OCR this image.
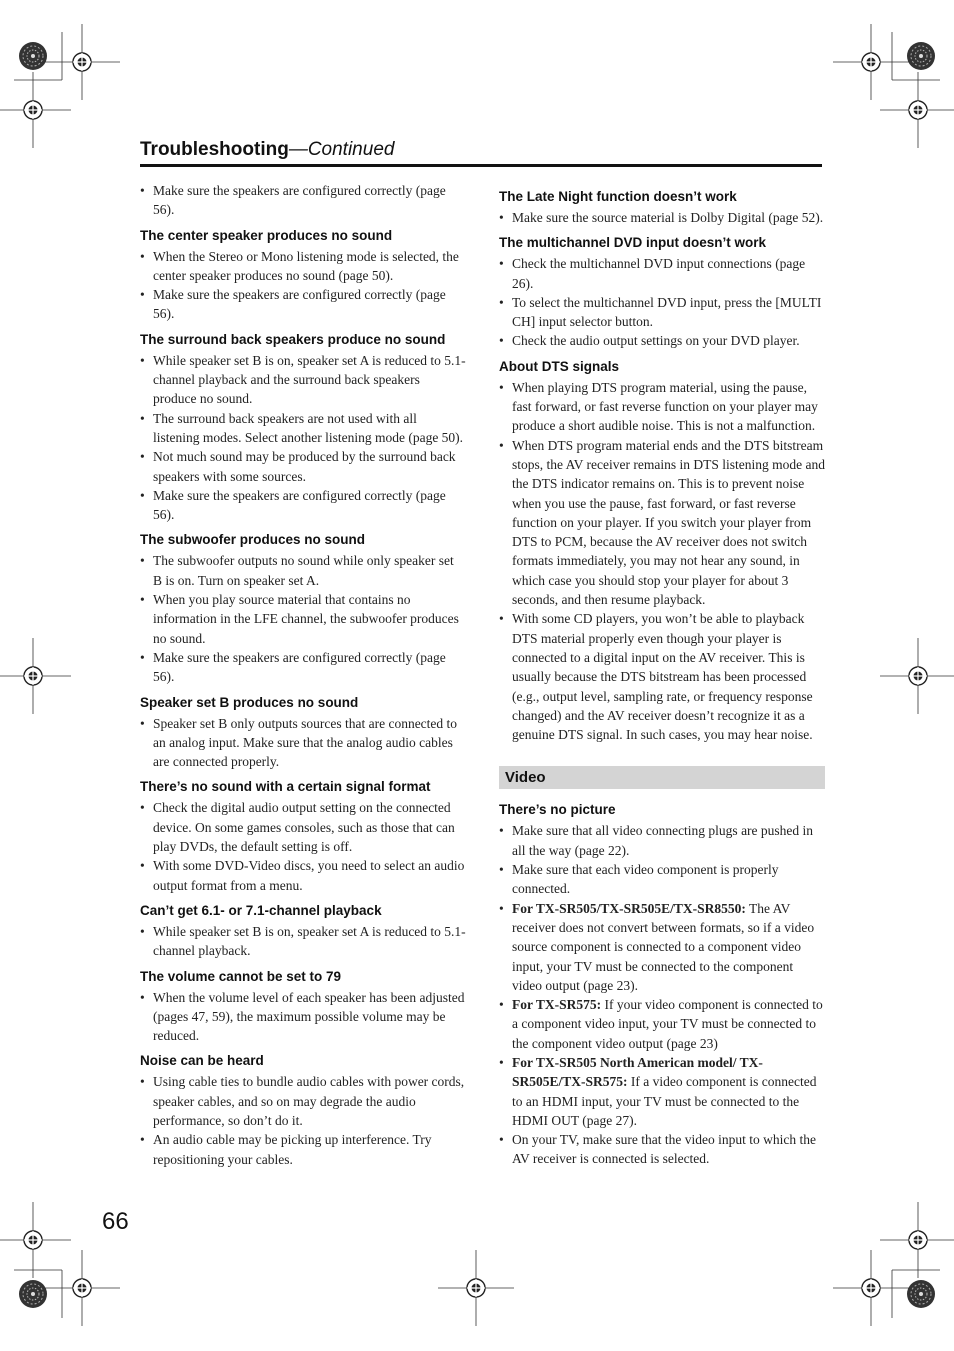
Troubleshooting—Continued
• Make sure the speakers are configured correctly (page 56).
The center speaker produces no sound
• When the Stereo or Mono listening mode is selected, the center speaker produces no sound (page 50).
• Make sure the speakers are configured correctly (page 56).
The surround back speakers produce no sound
• While speaker set B is on, speaker set A is reduced to 5.1-channel playback and the surround back speakers produce no sound.
• The surround back speakers are not used with all listening modes. Select another listening mode (page 50).
• Not much sound may be produced by the surround back speakers with some sources.
• Make sure the speakers are configured correctly (page 56).
The subwoofer produces no sound
• The subwoofer outputs no sound while only speaker set B is on. Turn on speaker set A.
• When you play source material that contains no information in the LFE channel, the subwoofer produces no sound.
• Make sure the speakers are configured correctly (page 56).
Speaker set B produces no sound
• Speaker set B only outputs sources that are connected to an analog input. Make sure that the analog audio cables are connected properly.
There’s no sound with a certain signal format
• Check the digital audio output setting on the connected device. On some games consoles, such as those that can play DVDs, the default setting is off.
• With some DVD-Video discs, you need to select an audio output format from a menu.
Can’t get 6.1- or 7.1-channel playback
• While speaker set B is on, speaker set A is reduced to 5.1-channel playback.
The volume cannot be set to 79
• When the volume level of each speaker has been adjusted (pages 47, 59), the maximum possible volume may be reduced.
Noise can be heard
• Using cable ties to bundle audio cables with power cords, speaker cables, and so on may degrade the audio performance, so don’t do it.
• An audio cable may be picking up interference. Try repositioning your cables.
The Late Night function doesn’t work
• Make sure the source material is Dolby Digital (page 52).
The multichannel DVD input doesn’t work
• Check the multichannel DVD input connections (page 26).
• To select the multichannel DVD input, press the [MULTI CH] input selector button.
• Check the audio output settings on your DVD player.
About DTS signals
• When playing DTS program material, using the pause, fast forward, or fast reverse function on your player may produce a short audible noise. This is not a malfunction.
• When DTS program material ends and the DTS bitstream stops, the AV receiver remains in DTS listening mode and the DTS indicator remains on. This is to prevent noise when you use the pause, fast forward, or fast reverse function on your player. If you switch your player from DTS to PCM, because the AV receiver does not switch formats immediately, you may not hear any sound, in which case you should stop your player for about 3 seconds, and then resume playback.
• With some CD players, you won’t be able to playback DTS material properly even though your player is connected to a digital input on the AV receiver. This is usually because the DTS bitstream has been processed (e.g., output level, sampling rate, or frequency response changed) and the AV receiver doesn’t recognize it as a genuine DTS signal. In such cases, you may hear noise.
Video
There’s no picture
• Make sure that all video connecting plugs are pushed in all the way (page 22).
• Make sure that each video component is properly connected.
• For TX-SR505/TX-SR505E/TX-SR8550: The AV receiver does not convert between formats, so if a video source component is connected to a component video input, your TV must be connected to the component video output (page 23).
• For TX-SR575: If your video component is connected to a component video input, your TV must be connected to the component video output (page 23)
• For TX-SR505 North American model/ TX-SR505E/TX-SR575: If a video component is connected to an HDMI input, your TV must be connected to the HDMI OUT (page 27).
• On your TV, make sure that the video input to which the AV receiver is connected is selected.
66
